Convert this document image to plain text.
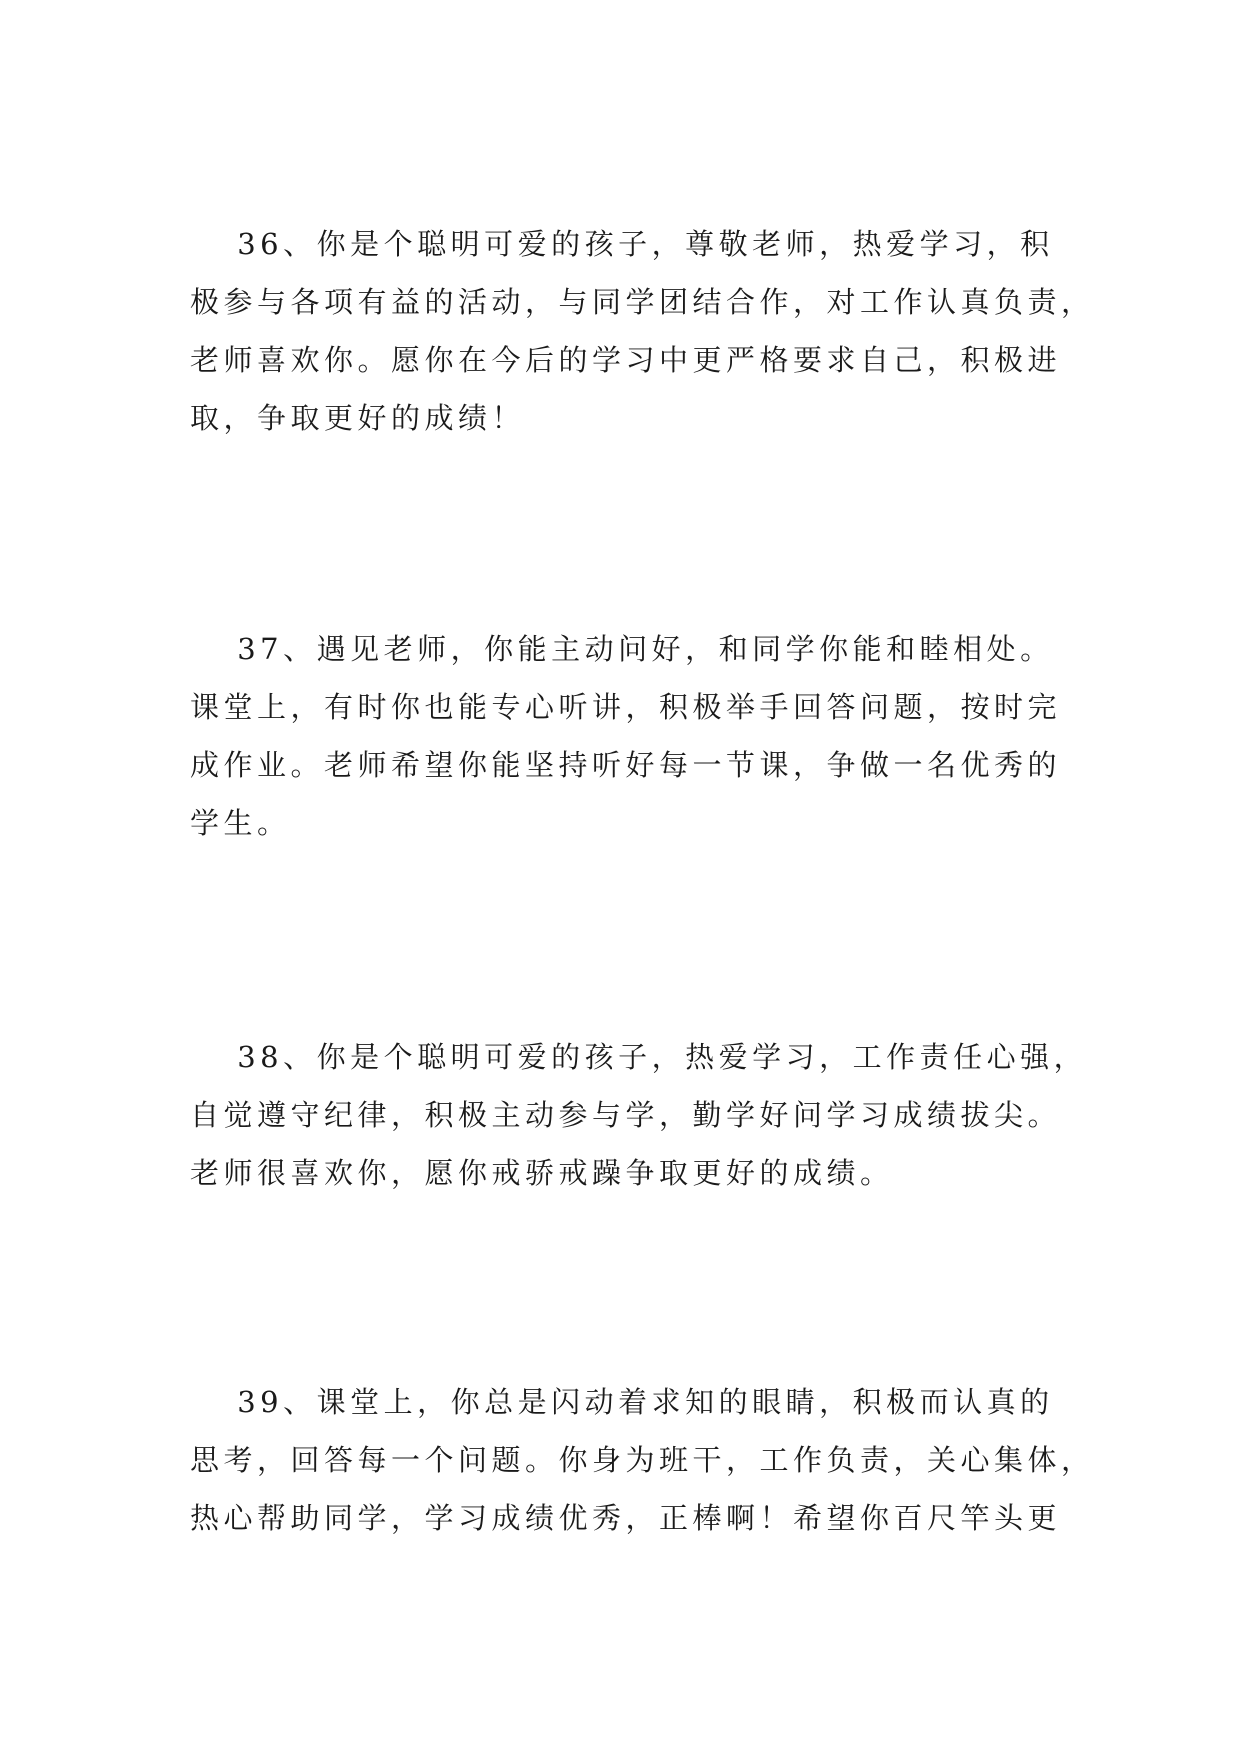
　 36、你是个聪明可爱的孩子，尊敬老师，热爱学习，积
极参与各项有益的活动，与同学团结合作，对工作认真负责，
老师喜欢你。愿你在今后的学习中更严格要求自己，积极进
取，争取更好的成绩！
　 37、遇见老师，你能主动问好，和同学你能和睦相处。
课堂上，有时你也能专心听讲，积极举手回答问题，按时完
成作业。老师希望你能坚持听好每一节课，争做一名优秀的
学生。
　 38、你是个聪明可爱的孩子，热爱学习，工作责任心强，
自觉遵守纪律，积极主动参与学，勤学好问学习成绩拔尖。
老师很喜欢你，愿你戒骄戒躁争取更好的成绩。
　 39、课堂上，你总是闪动着求知的眼睛，积极而认真的
思考，回答每一个问题。你身为班干，工作负责，关心集体，
热心帮助同学，学习成绩优秀，正棒啊！希望你百尺竿头更
